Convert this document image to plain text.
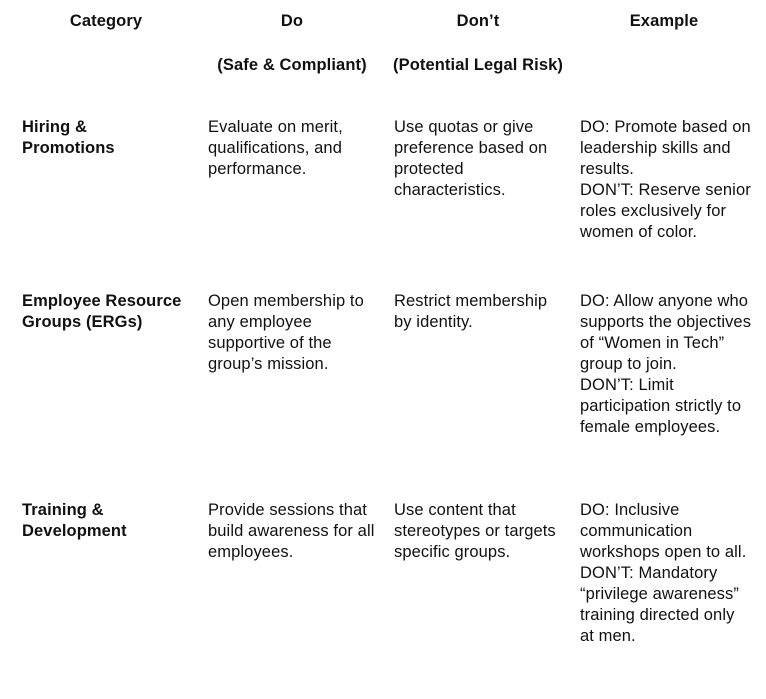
Category	Do
(Safe & Compliant)
Don’t
(Potential Legal Risk)
Example
Hiring & Promotions
Evaluate on merit, qualifications, and performance.
Use quotas or give preference based on protected characteristics.
DO: Promote based on leadership skills and results.
DON’T: Reserve senior roles exclusively for women of color.
Employee Resource Groups (ERGs)
Open membership to any employee supportive of the group’s mission.
Restrict membership by identity.
DO: Allow anyone who supports the objectives of “Women in Tech” group to join.
DON’T: Limit participation strictly to female employees.
Training & Development
Provide sessions that build awareness for all employees.
Use content that stereotypes or targets specific groups.
DO: Inclusive communication workshops open to all.
DON’T: Mandatory “privilege awareness” training directed only at men.
